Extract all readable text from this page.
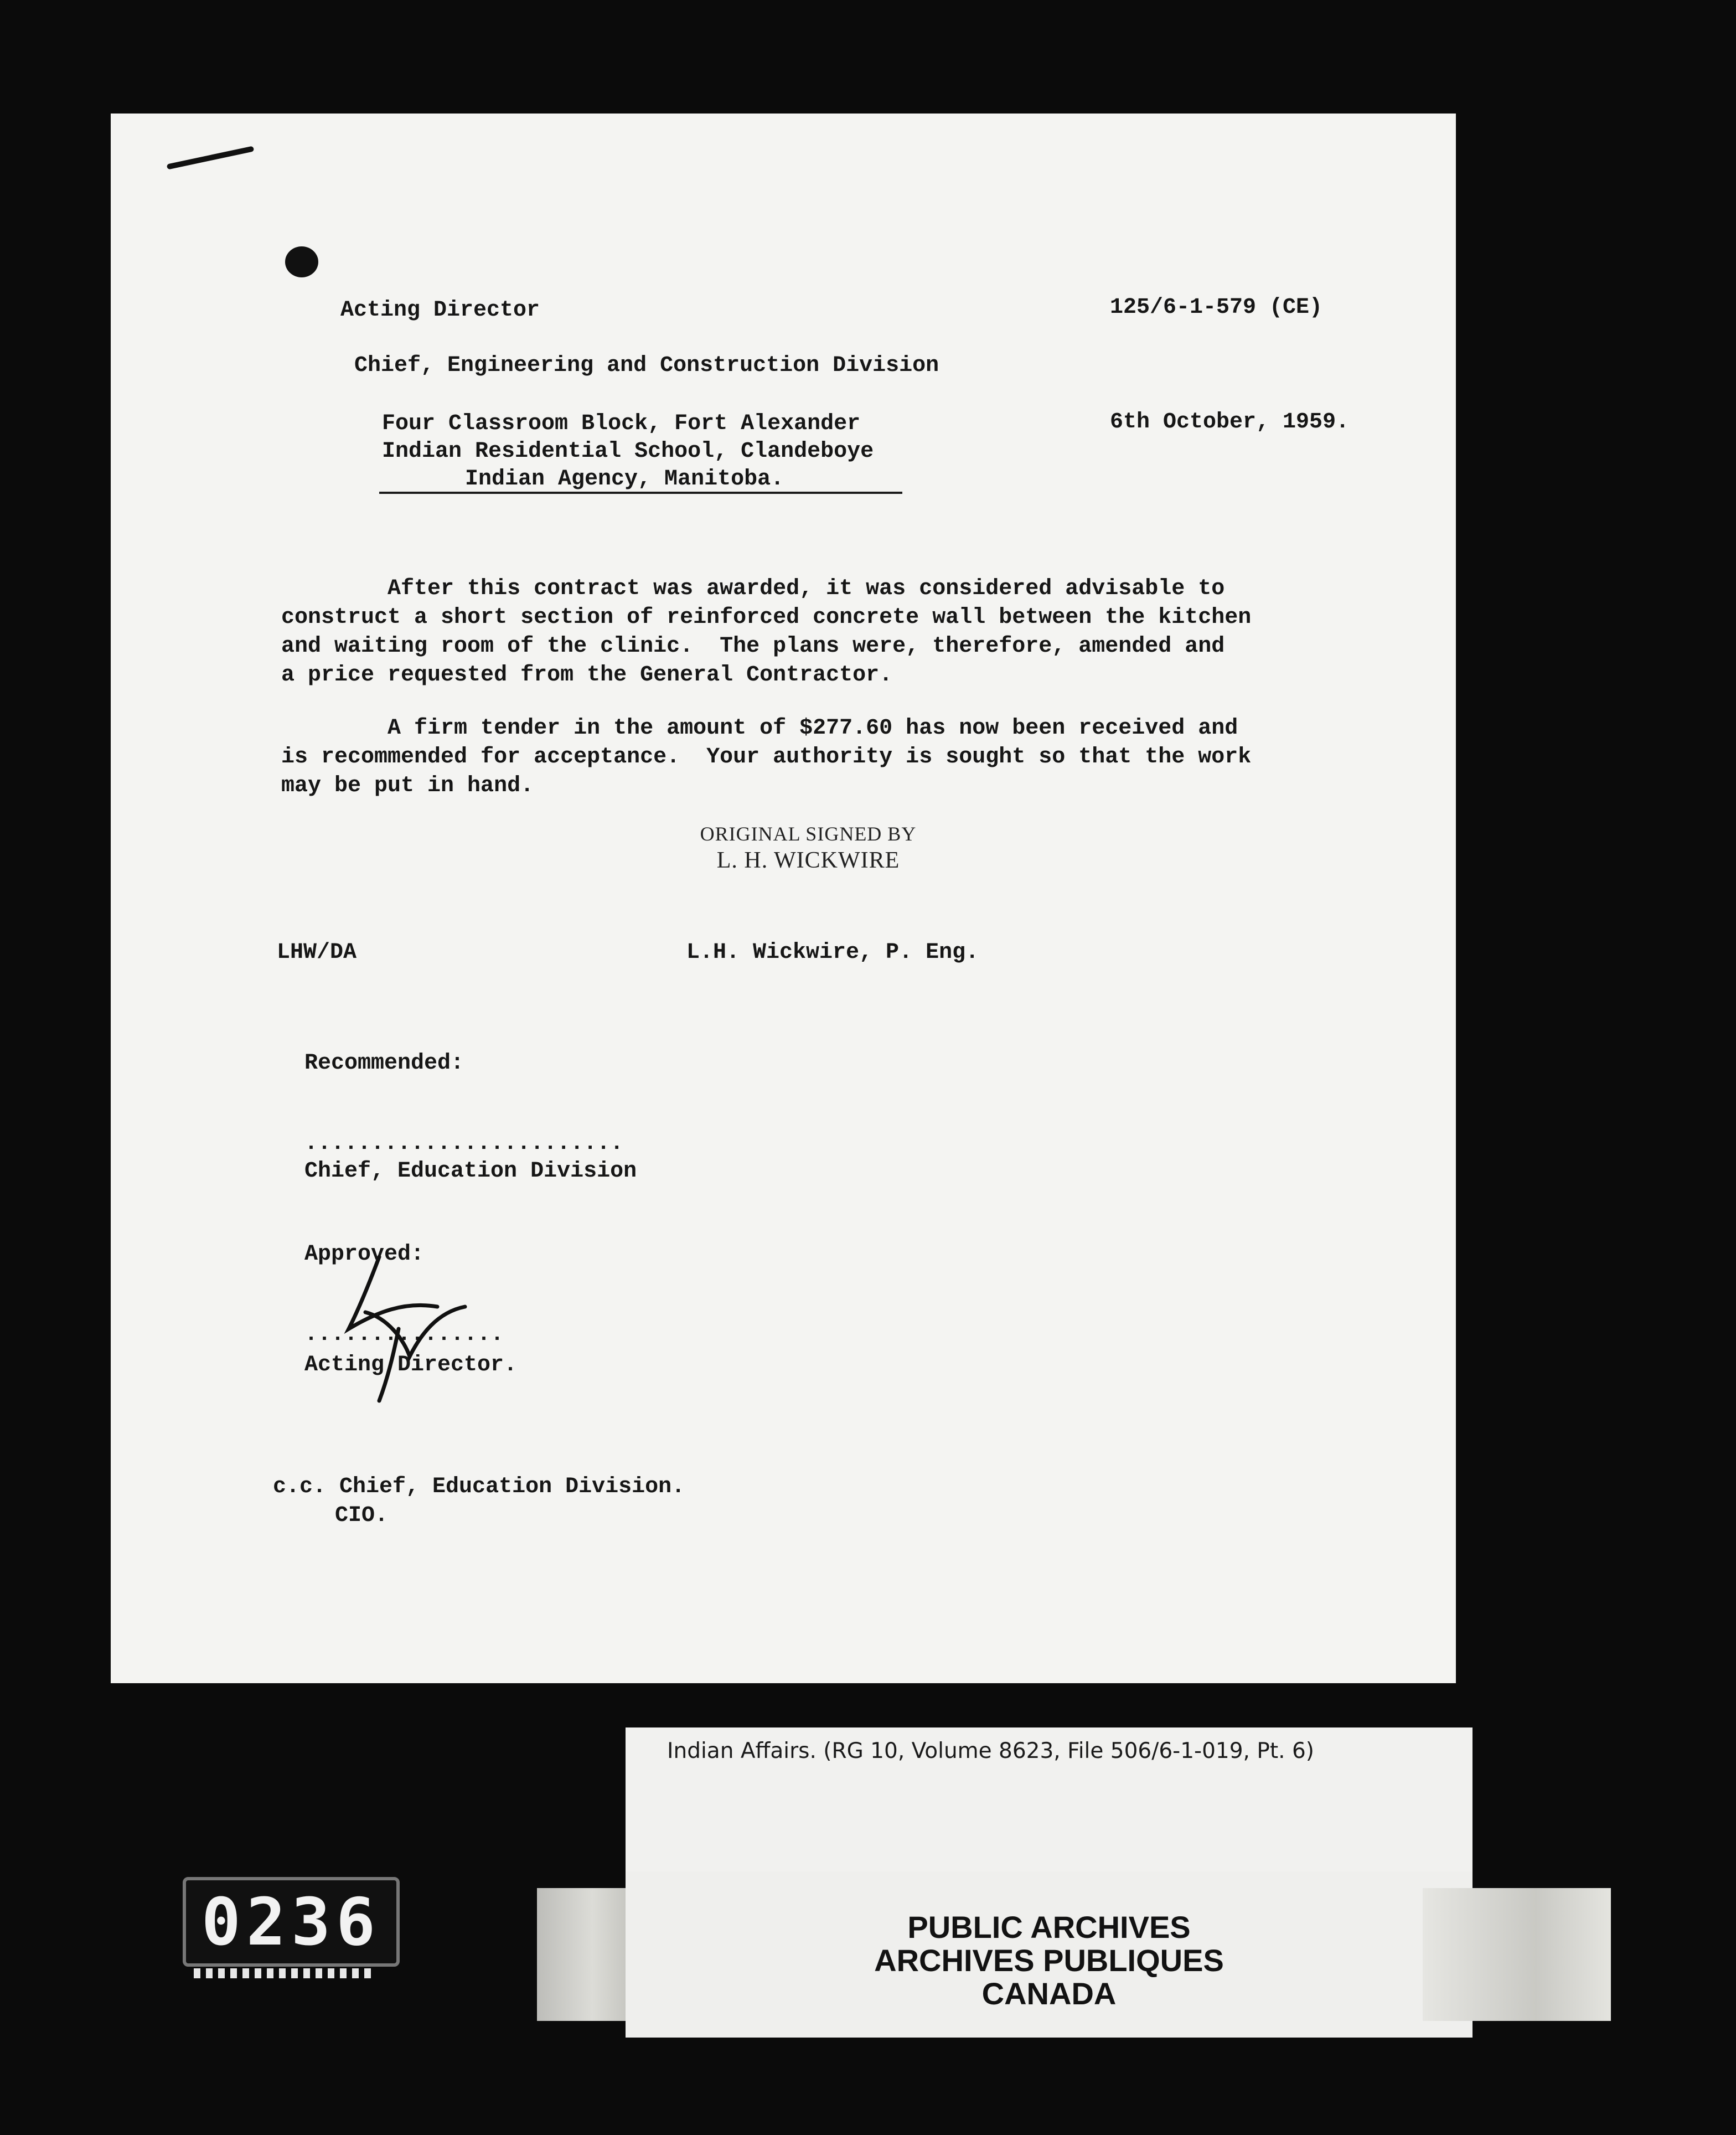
Acting Director	125/6-1-579 (CE)
Chief, Engineering and Construction Division
Four Classroom Block, Fort Alexander
Indian Residential School, Clandeboye
Indian Agency, Manitoba.
6th October, 1959.
After this contract was awarded, it was considered advisable to
construct a short section of reinforced concrete wall between the kitchen
and waiting room of the clinic.  The plans were, therefore, amended and
a price requested from the General Contractor.
A firm tender in the amount of $277.60 has now been received and
is recommended for acceptance.  Your authority is sought so that the work
may be put in hand.
ORIGINAL SIGNED BY
L. H. WICKWIRE
LHW/DA	L.H. Wickwire, P. Eng.
Recommended:
........................
Chief, Education Division
Approved:
...............
Acting Director.
c.c. Chief, Education Division.
CIO.
Indian Affairs. (RG 10, Volume 8623, File 506/6-1-019, Pt. 6)
PUBLIC ARCHIVES
ARCHIVES PUBLIQUES
CANADA
0236
